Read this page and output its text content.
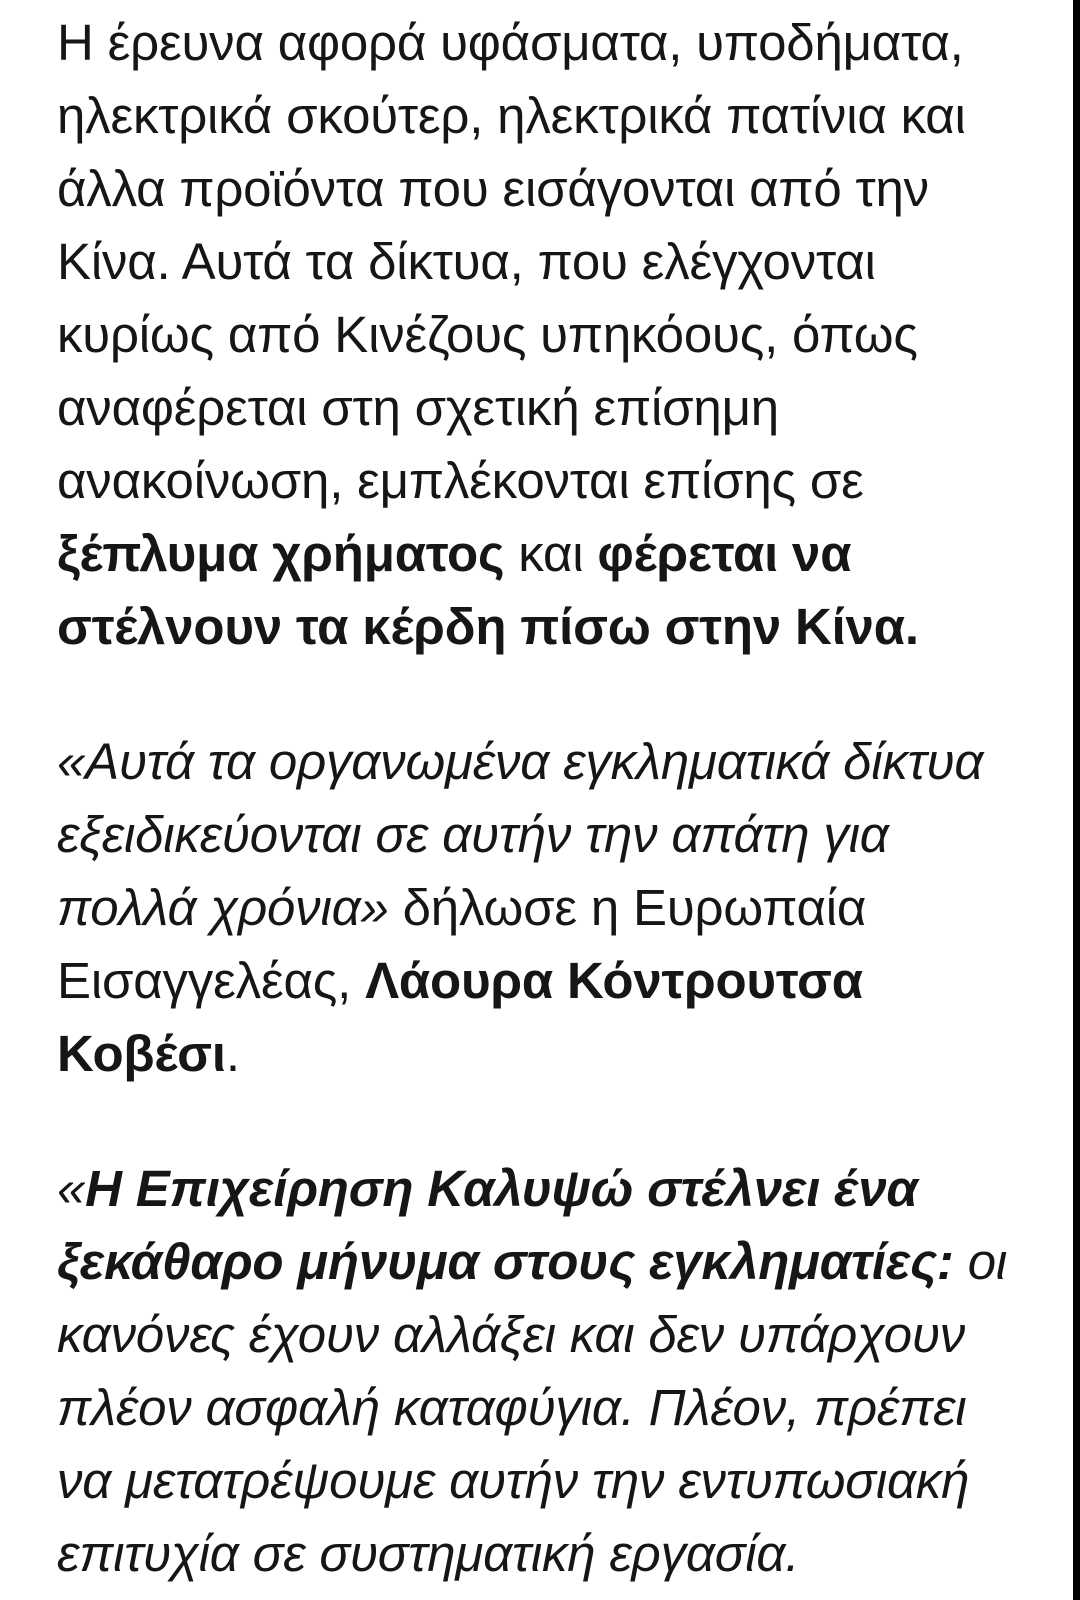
Η έρευνα αφορά υφάσματα, υποδήματα,
ηλεκτρικά σκούτερ, ηλεκτρικά πατίνια και
άλλα προϊόντα που εισάγονται από την
Κίνα. Αυτά τα δίκτυα, που ελέγχονται
κυρίως από Κινέζους υπηκόους, όπως
αναφέρεται στη σχετική επίσημη
ανακοίνωση, εμπλέκονται επίσης σε
ξέπλυμα χρήματος και φέρεται να
στέλνουν τα κέρδη πίσω στην Κίνα.
«Αυτά τα οργανωμένα εγκληματικά δίκτυα
εξειδικεύονται σε αυτήν την απάτη για
πολλά χρόνια» δήλωσε η Ευρωπαία
Εισαγγελέας, Λάουρα Κόντρουτσα
Κοβέσι.
«Η Επιχείρηση Καλυψώ στέλνει ένα
ξεκάθαρο μήνυμα στους εγκληματίες: οι
κανόνες έχουν αλλάξει και δεν υπάρχουν
πλέον ασφαλή καταφύγια. Πλέον, πρέπει
να μετατρέψουμε αυτήν την εντυπωσιακή
επιτυχία σε συστηματική εργασία.
